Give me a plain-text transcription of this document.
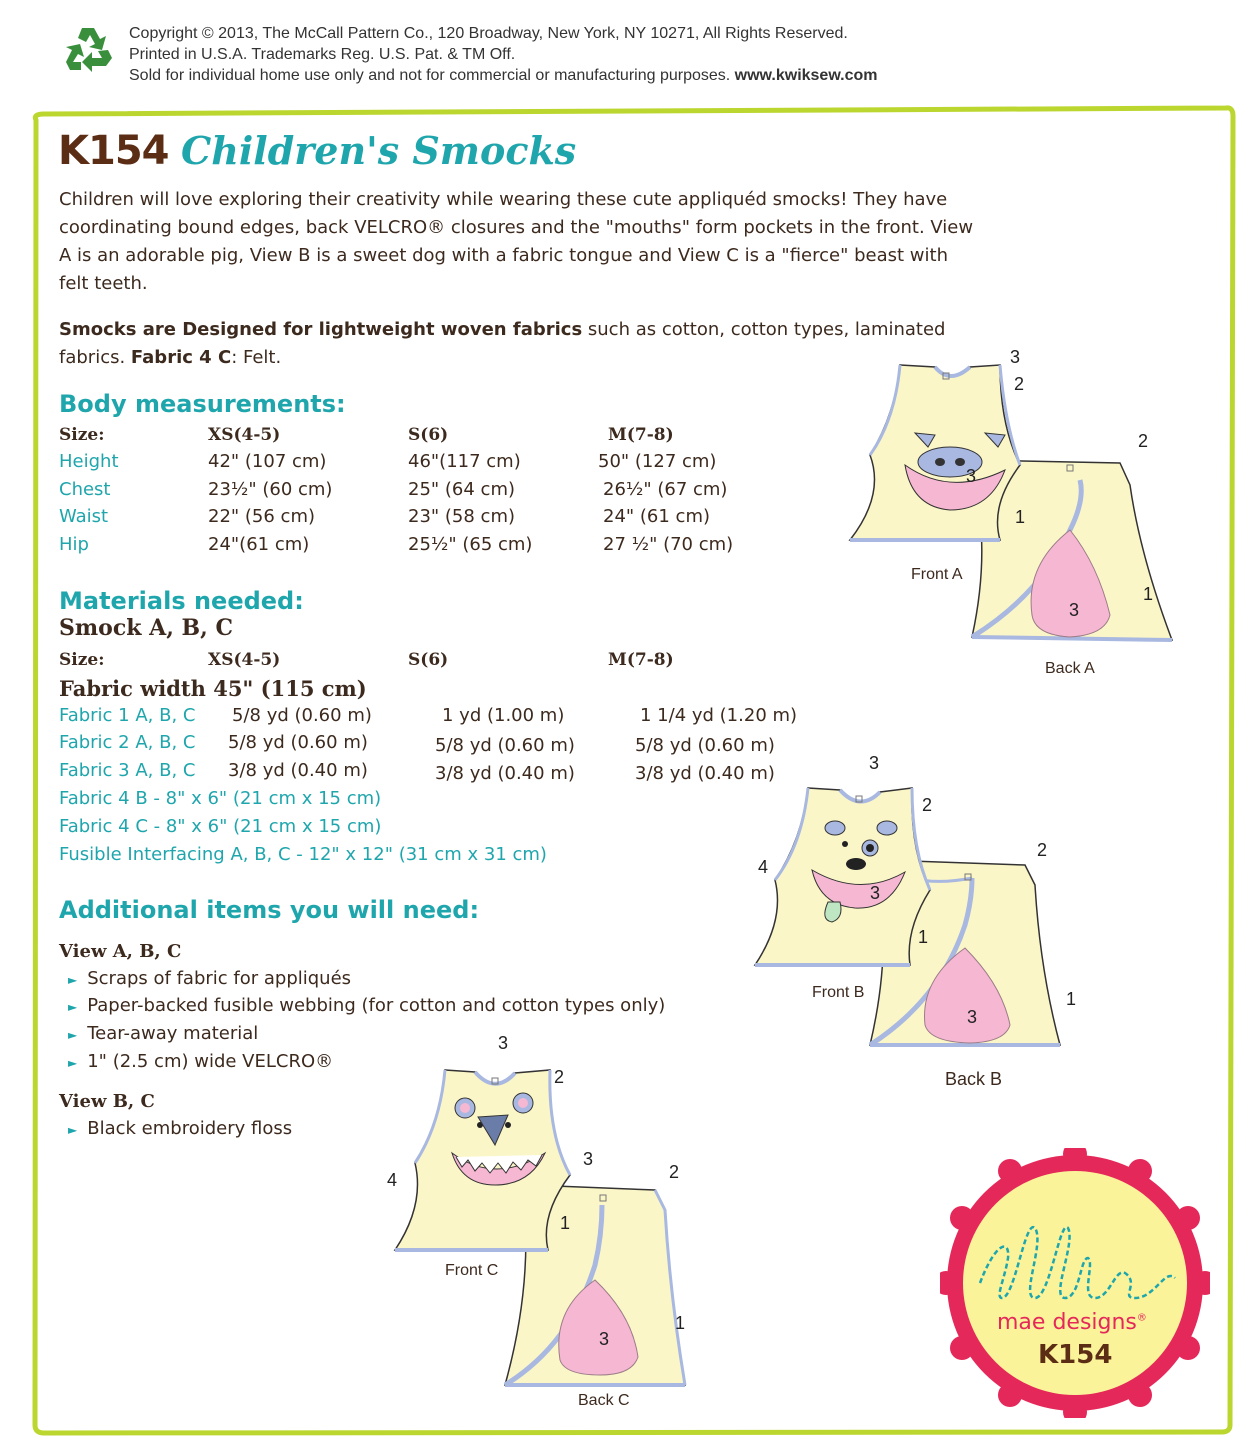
Copyright © 2013, The McCall Pattern Co., 120 Broadway, New York, NY 10271, All Rights Reserved.
Printed in U.S.A. Trademarks Reg. U.S. Pat. & TM Off.
Sold for individual home use only and not for commercial or manufacturing purposes. www.kwiksew.com
K154 Children's Smocks
Children will love exploring their creativity while wearing these cute appliquéd smocks! They have
coordinating bound edges, back VELCRO® closures and the "mouths" form pockets in the front. View
A is an adorable pig, View B is a sweet dog with a fabric tongue and View C is a "fierce" beast with
felt teeth.
Smocks are Designed for lightweight woven fabrics such as cotton, cotton types, laminated
fabrics. Fabric 4 C: Felt.
Body measurements:
Size:	XS(4-5)	S(6)	M(7-8)
Height	42" (107 cm)	46"(117 cm)	50" (127 cm)
Chest	23½" (60 cm)	25" (64 cm)	26½" (67 cm)
Waist	22" (56 cm)	23" (58 cm)	24" (61 cm)
Hip	24"(61 cm)	25½" (65 cm)	27 ½" (70 cm)
Materials needed:
Smock A, B, C
Size:	XS(4-5)	S(6)	M(7-8)
Fabric width 45" (115 cm)
Fabric 1 A, B, C 5/8 yd (0.60 m)	1 yd (1.00 m)	1 1/4 yd (1.20 m)
Fabric 2 A, B, C 5/8 yd (0.60 m)	5/8 yd (0.60 m)	5/8 yd (0.60 m)
Fabric 3 A, B, C 3/8 yd (0.40 m)	3/8 yd (0.40 m)	3/8 yd (0.40 m)
Fabric 4 B - 8" x 6" (21 cm x 15 cm)
Fabric 4 C - 8" x 6" (21 cm x 15 cm)
Fusible Interfacing A, B, C - 12" x 12" (31 cm x 31 cm)
Additional items you will need:
View A, B, C
► Scraps of fabric for appliqués
► Paper-backed fusible webbing (for cotton and cotton types only)
► Tear-away material
► 1" (2.5 cm) wide VELCRO®
View B, C
► Black embroidery floss
3
2
2
3
1
1
3
Front A
Back A
3
2
2
4
3
1
1
3
Front B
Back B
3
2
3
2
4
1
1
3
Front C
Back C
mae designs®
K154
